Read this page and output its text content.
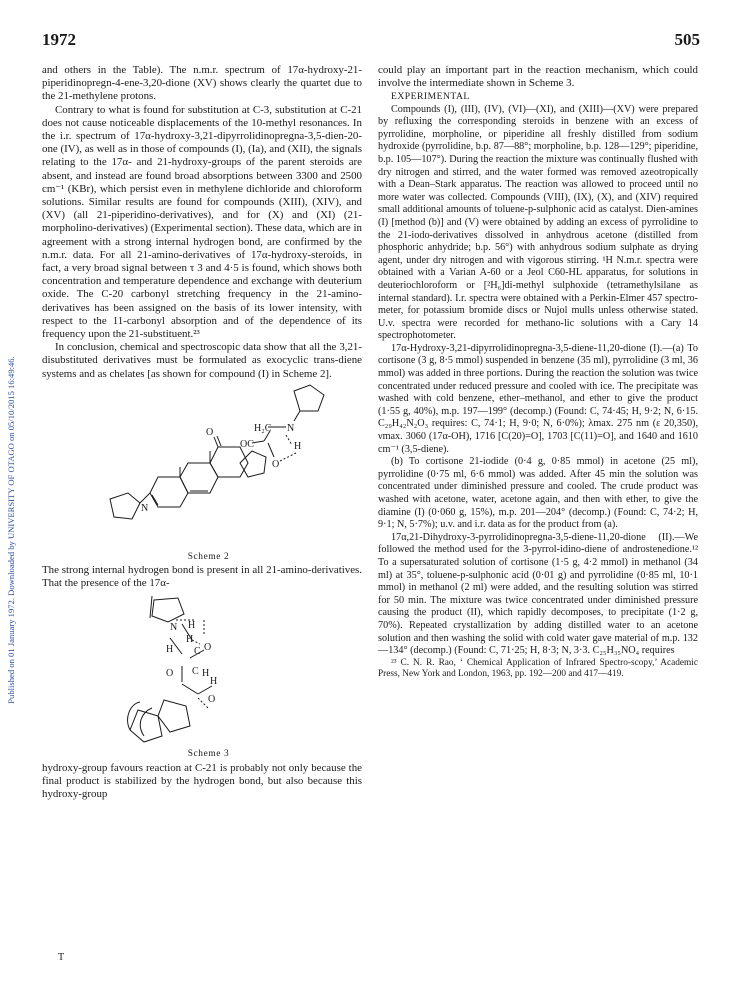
1972	505
Published on 01 January 1972. Downloaded by UNIVERSITY OF OTAGO on 05/10/2015 16:49:46.

and others in the Table). The n.m.r. spectrum of 17α-hydroxy-21-piperidinopregn-4-ene-3,20-dione (XV) shows clearly the quartet due to the 21-methylene protons.

Contrary to what is found for substitution at C-3, substitution at C-21 does not cause noticeable displacements of the 10-methyl resonances. In the i.r. spectrum of 17α-hydroxy-3,21-dipyrrolidinopregna-3,5-dien-20-one (IV), as well as in those of compounds (I), (Ia), and (XII), the signals relating to the 17α- and 21-hydroxy-groups of the parent steroids are absent, and instead are found broad absorptions between 3300 and 2500 cm⁻¹ (KBr), which persist even in methylene dichloride and chloroform solutions. Similar results are found for compounds (XIII), (XIV), and (XV) (all 21-piperidino-derivatives), and for (X) and (XI) (21-morpholino-derivatives) (Experimental section). These data, which are in agreement with a strong internal hydrogen bond, are confirmed by the n.m.r. data. For all 21-amino-derivatives of 17α-hydroxy-steroids, in fact, a very broad signal between τ 3 and 4·5 is found, which shows both concentration and temperature dependence and exchange with deuterium oxide. The C-20 carbonyl stretching frequency in the 21-amino-derivatives has been assigned on the basis of its lower intensity, with respect to the 11-carbonyl absorption and of the dependence of its frequency upon the 21-substituent.²³

In conclusion, chemical and spectroscopic data show that all the 3,21-disubstituted derivatives must be formulated as exocyclic trans-diene systems and as chelates [as shown for compound (I) in Scheme 2].

H₂C N
OC	H
O
O
N

Scheme 2

The strong internal hydrogen bond is present in all 21-amino-derivatives. That the presence of the 17α-

N H
H
C O
H
O C H
H
O

Scheme 3

hydroxy-group favours reaction at C-21 is probably not only because the final product is stabilized by the hydrogen bond, but also because this hydroxy-group

could play an important part in the reaction mechanism, which could involve the intermediate shown in Scheme 3.

EXPERIMENTAL

Compounds (I), (III), (IV), (VI)—(XI), and (XIII)—(XV) were prepared by refluxing the corresponding steroids in benzene with an excess of pyrrolidine, morpholine, or piperidine all freshly distilled from sodium hydroxide (pyrrolidine, b.p. 87—88°; morpholine, b.p. 128—129°; piperidine, b.p. 105—107°). During the reaction the mixture was continually flushed with dry nitrogen and stirred, and the water formed was removed azeotropically with a Dean–Stark apparatus. The reaction was allowed to proceed until no more water was collected. Compounds (VIII), (IX), (X), and (XIV) required small additional amounts of toluene-p-sulphonic acid as catalyst. Dien-amines (I) [method (b)] and (V) were obtained by adding an excess of pyrrolidine to the 21-iodo-derivatives dissolved in anhydrous acetone (distilled from phosphoric anhydride; b.p. 56°) with anhydrous sodium sulphate as drying agent, under dry nitrogen and with vigorous stirring. ¹H N.m.r. spectra were obtained with a Varian A-60 or a Jeol C60-HL apparatus, for solutions in deuteriochloroform or [²H₆]di-methyl sulphoxide (tetramethylsilane as internal standard). I.r. spectra were obtained with a Perkin-Elmer 457 spectro-meter, for potassium bromide discs or Nujol mulls unless otherwise stated. U.v. spectra were recorded for methano-lic solutions with a Cary 14 spectrophotometer.

17α-Hydroxy-3,21-dipyrrolidinopregna-3,5-diene-11,20-dione (I).—(a) To cortisone (3 g, 8·5 mmol) suspended in benzene (35 ml), pyrrolidine (3 ml, 36 mmol) was added in three portions. During the reaction the solution was twice concentrated under reduced pressure and cooled with ice. The precipitate was washed with cold benzene, ether–methanol, and ether to give the product (1·55 g, 40%), m.p. 197—199° (decomp.) (Found: C, 74·45; H, 9·2; N, 6·15. C₂₉H₄₂N₂O₃ requires: C, 74·1; H, 9·0; N, 6·0%); λmax. 275 nm (ε 20,350), νmax. 3060 (17α-OH), 1716 [C(20)=O], 1703 [C(11)=O], and 1640 and 1610 cm⁻¹ (3,5-diene).

(b) To cortisone 21-iodide (0·4 g, 0·85 mmol) in acetone (25 ml), pyrrolidine (0·75 ml, 6·6 mmol) was added. After 45 min the solution was concentrated under diminished pressure and cooled. The crude product was washed with acetone, water, acetone again, and then with ether, to give the diamine (I) (0·060 g, 15%), m.p. 201—204° (decomp.) (Found: C, 74·2; H, 9·1; N, 5·7%); u.v. and i.r. data as for the product from (a).

17α,21-Dihydroxy-3-pyrrolidinopregna-3,5-diene-11,20-dione (II).—We followed the method used for the 3-pyrrol-idino-diene of androstenedione.¹² To a supersaturated solution of cortisone (1·5 g, 4·2 mmol) in methanol (34 ml) at 35°, toluene-p-sulphonic acid (0·01 g) and pyrrolidine (0·85 ml, 10·1 mmol) in methanol (2 ml) were added, and the resulting solution was stirred for 50 min. The mixture was twice concentrated under diminished pressure causing the product (II), which rapidly decomposes, to precipitate (1·2 g, 70%). Repeated crystallization by adding distilled water to an acetone solution and then washing the solid with cold water gave material of m.p. 132—134° (decomp.) (Found: C, 71·25; H, 8·3; N, 3·3. C₂₅H₃₅NO₄ requires

²³ C. N. R. Rao, ‘ Chemical Application of Infrared Spectro-scopy,’ Academic Press, New York and London, 1963, pp. 192—200 and 417—419.

T
